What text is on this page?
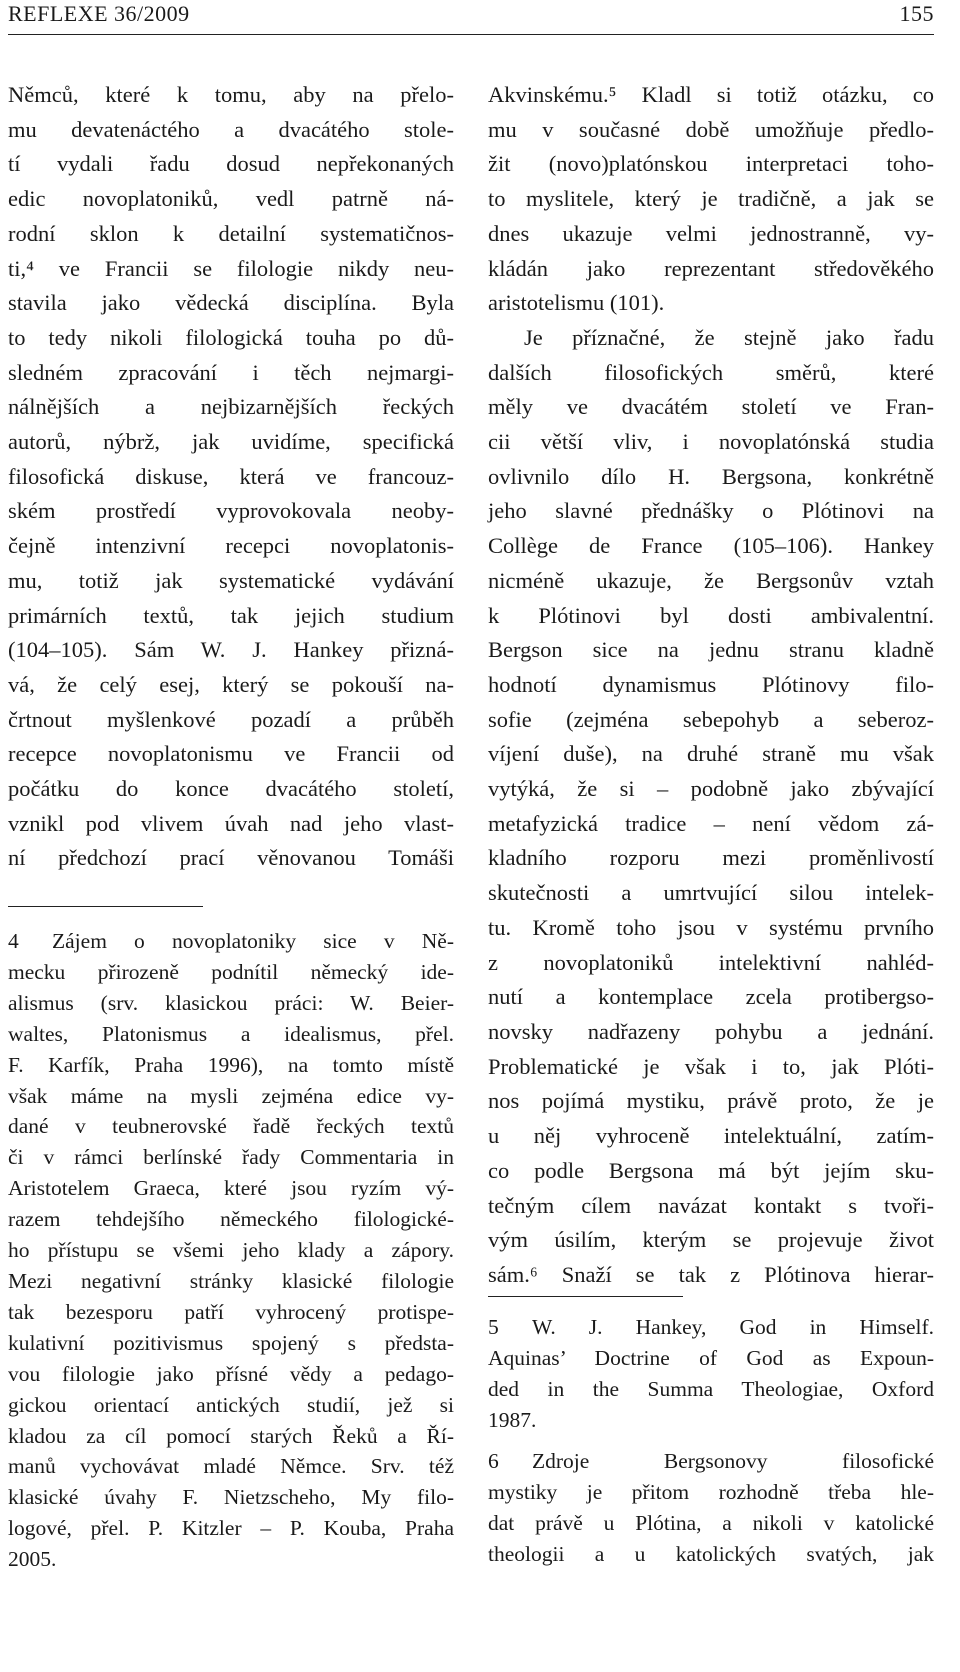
REFLEXE 36/2009	155
Němců, které k tomu, aby na přelo-
mu devatenáctého a dvacátého stole-
tí vydali řadu dosud nepřekonaných
edic novoplatoniků, vedl patrně ná-
rodní sklon k detailní systematičnos-
ti,⁴ ve Francii se filologie nikdy neu-
stavila jako vědecká disciplína. Byla
to tedy nikoli filologická touha po dů-
sledném zpracování i těch nejmargi-
nálnějších a nejbizarnějších řeckých
autorů, nýbrž, jak uvidíme, specifická
filosofická diskuse, která ve francouz-
ském prostředí vyprovokovala neoby-
čejně intenzivní recepci novoplatonis-
mu, totiž jak systematické vydávání
primárních textů, tak jejich studium
(104–105). Sám W. J. Hankey přizná-
vá, že celý esej, který se pokouší na-
črtnout myšlenkové pozadí a průběh
recepce novoplatonismu ve Francii od
počátku do konce dvacátého století,
vznikl pod vlivem úvah nad jeho vlast-
ní předchozí prací věnovanou Tomáši
4 Zájem o novoplatoniky sice v Ně-
mecku přirozeně podnítil německý ide-
alismus (srv. klasickou práci: W. Beier-
waltes, Platonismus a idealismus, přel.
F. Karfík, Praha 1996), na tomto místě
však máme na mysli zejména edice vy-
dané v teubnerovské řadě řeckých textů
či v rámci berlínské řady Commentaria in
Aristotelem Graeca, které jsou ryzím vý-
razem tehdejšího německého filologické-
ho přístupu se všemi jeho klady a zápory.
Mezi negativní stránky klasické filologie
tak bezesporu patří vyhrocený protispe-
kulativní pozitivismus spojený s předsta-
vou filologie jako přísné vědy a pedago-
gickou orientací antických studií, jež si
kladou za cíl pomocí starých Řeků a Ří-
manů vychovávat mladé Němce. Srv. též
klasické úvahy F. Nietzscheho, My filo-
logové, přel. P. Kitzler – P. Kouba, Praha
2005.
Akvinskému.⁵ Kladl si totiž otázku, co
mu v současné době umožňuje předlo-
žit (novo)platónskou interpretaci toho-
to myslitele, který je tradičně, a jak se
dnes ukazuje velmi jednostranně, vy-
kládán jako reprezentant středověkého
aristotelismu (101).
Je příznačné, že stejně jako řadu
dalších filosofických směrů, které
měly ve dvacátém století ve Fran-
cii větší vliv, i novoplatónská studia
ovlivnilo dílo H. Bergsona, konkrétně
jeho slavné přednášky o Plótinovi na
Collège de France (105–106). Hankey
nicméně ukazuje, že Bergsonův vztah
k Plótinovi byl dosti ambivalentní.
Bergson sice na jednu stranu kladně
hodnotí dynamismus Plótinovy filo-
sofie (zejména sebepohyb a seberoz-
víjení duše), na druhé straně mu však
vytýká, že si – podobně jako zbývající
metafyzická tradice – není vědom zá-
kladního rozporu mezi proměnlivostí
skutečnosti a umrtvující silou intelek-
tu. Kromě toho jsou v systému prvního
z novoplatoniků intelektivní nahléd-
nutí a kontemplace zcela protibergso-
novsky nadřazeny pohybu a jednání.
Problematické je však i to, jak Plóti-
nos pojímá mystiku, právě proto, že je
u něj vyhroceně intelektuální, zatím-
co podle Bergsona má být jejím sku-
tečným cílem navázat kontakt s tvoři-
vým úsilím, kterým se projevuje život
sám.⁶ Snaží se tak z Plótinova hierar-
5 W. J. Hankey, God in Himself.
Aquinas’ Doctrine of God as Expoun-
ded in the Summa Theologiae, Oxford
1987.
6 Zdroje Bergsonovy filosofické
mystiky je přitom rozhodně třeba hle-
dat právě u Plótina, a nikoli v katolické
theologii a u katolických svatých, jak
